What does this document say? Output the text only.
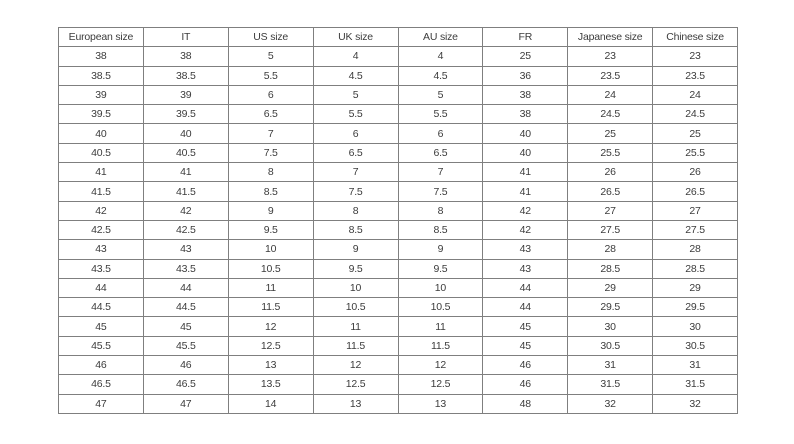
European size	IT	US size	UK size	AU size	FR	Japanese size	Chinese size
38	38	5	4	4	25	23	23
38.5	38.5	5.5	4.5	4.5	36	23.5	23.5
39	39	6	5	5	38	24	24
39.5	39.5	6.5	5.5	5.5	38	24.5	24.5
40	40	7	6	6	40	25	25
40.5	40.5	7.5	6.5	6.5	40	25.5	25.5
41	41	8	7	7	41	26	26
41.5	41.5	8.5	7.5	7.5	41	26.5	26.5
42	42	9	8	8	42	27	27
42.5	42.5	9.5	8.5	8.5	42	27.5	27.5
43	43	10	9	9	43	28	28
43.5	43.5	10.5	9.5	9.5	43	28.5	28.5
44	44	11	10	10	44	29	29
44.5	44.5	11.5	10.5	10.5	44	29.5	29.5
45	45	12	11	11	45	30	30
45.5	45.5	12.5	11.5	11.5	45	30.5	30.5
46	46	13	12	12	46	31	31
46.5	46.5	13.5	12.5	12.5	46	31.5	31.5
47	47	14	13	13	48	32	32
